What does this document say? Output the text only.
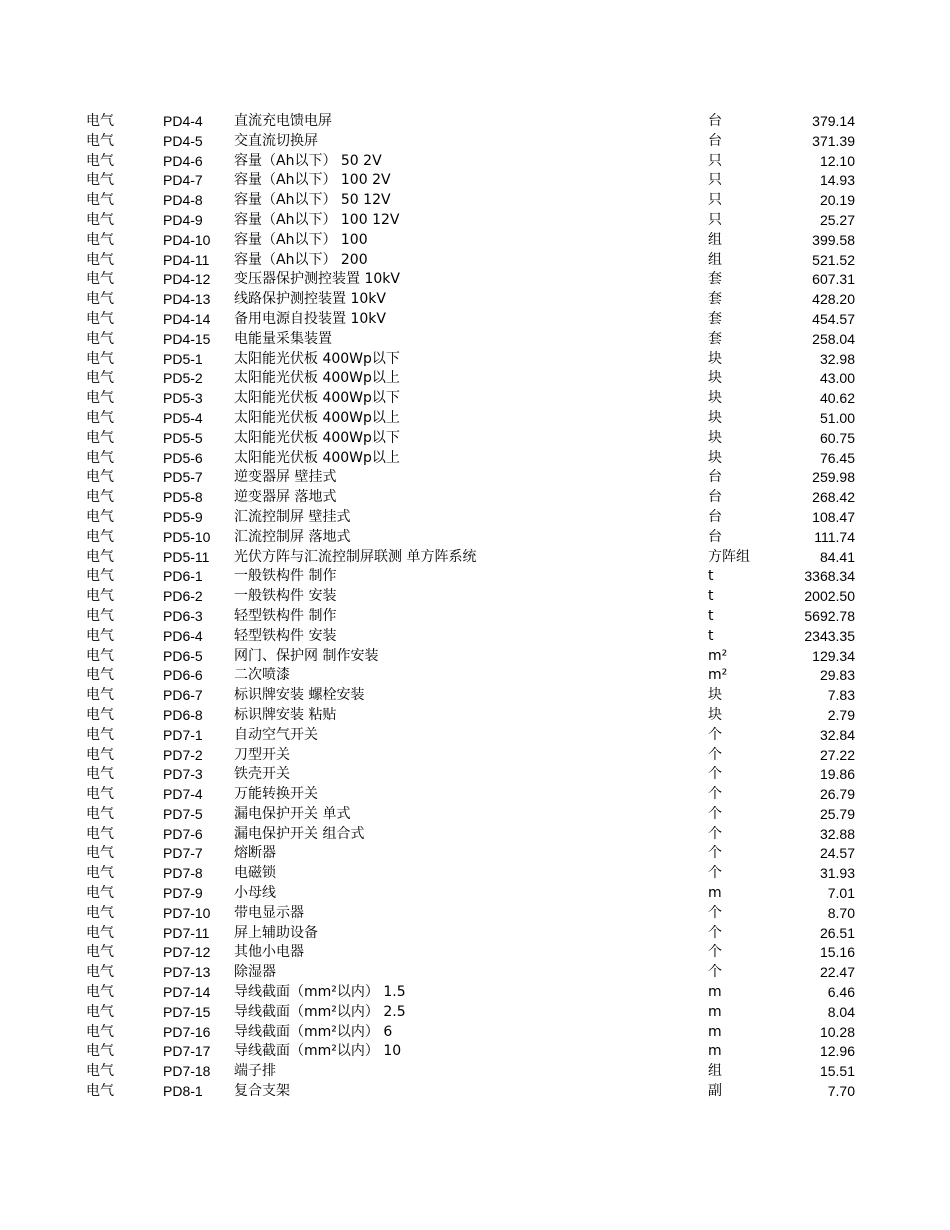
电气	PD4-4 直流充电馈电屏	台	379.14
电气	PD4-5 交直流切换屏	台	371.39
电气	PD4-6 容量（Ah以下） 50 2V	只	12.10
电气	PD4-7 容量（Ah以下） 100 2V	只	14.93
电气	PD4-8 容量（Ah以下） 50 12V	只	20.19
电气	PD4-9 容量（Ah以下） 100 12V	只	25.27
电气	PD4-10 容量（Ah以下） 100	组	399.58
电气	PD4-11 容量（Ah以下） 200	组	521.52
电气	PD4-12 变压器保护测控装置 10kV	套	607.31
电气	PD4-13 线路保护测控装置 10kV	套	428.20
电气	PD4-14 备用电源自投装置 10kV	套	454.57
电气	PD4-15 电能量采集装置	套	258.04
电气	PD5-1 太阳能光伏板 400Wp以下	块	32.98
电气	PD5-2 太阳能光伏板 400Wp以上	块	43.00
电气	PD5-3 太阳能光伏板 400Wp以下	块	40.62
电气	PD5-4 太阳能光伏板 400Wp以上	块	51.00
电气	PD5-5 太阳能光伏板 400Wp以下	块	60.75
电气	PD5-6 太阳能光伏板 400Wp以上	块	76.45
电气	PD5-7 逆变器屏 壁挂式	台	259.98
电气	PD5-8 逆变器屏 落地式	台	268.42
电气	PD5-9 汇流控制屏 壁挂式	台	108.47
电气	PD5-10 汇流控制屏 落地式	台	111.74
电气	PD5-11 光伏方阵与汇流控制屏联测 单方阵系统	方阵组	84.41
电气	PD6-1 一般铁构件 制作	t	3368.34
电气	PD6-2 一般铁构件 安装	t	2002.50
电气	PD6-3 轻型铁构件 制作	t	5692.78
电气	PD6-4 轻型铁构件 安装	t	2343.35
电气	PD6-5 网门、保护网 制作安装	m²	129.34
电气	PD6-6 二次喷漆	m²	29.83
电气	PD6-7 标识牌安装 螺栓安装	块	7.83
电气	PD6-8 标识牌安装 粘贴	块	2.79
电气	PD7-1 自动空气开关	个	32.84
电气	PD7-2 刀型开关	个	27.22
电气	PD7-3 铁壳开关	个	19.86
电气	PD7-4 万能转换开关	个	26.79
电气	PD7-5 漏电保护开关 单式	个	25.79
电气	PD7-6 漏电保护开关 组合式	个	32.88
电气	PD7-7 熔断器	个	24.57
电气	PD7-8 电磁锁	个	31.93
电气	PD7-9 小母线	m	7.01
电气	PD7-10 带电显示器	个	8.70
电气	PD7-11 屏上辅助设备	个	26.51
电气	PD7-12 其他小电器	个	15.16
电气	PD7-13 除湿器	个	22.47
电气	PD7-14 导线截面（mm²以内） 1.5	m	6.46
电气	PD7-15 导线截面（mm²以内） 2.5	m	8.04
电气	PD7-16 导线截面（mm²以内） 6	m	10.28
电气	PD7-17 导线截面（mm²以内） 10	m	12.96
电气	PD7-18 端子排	组	15.51
电气	PD8-1 复合支架	副	7.70
